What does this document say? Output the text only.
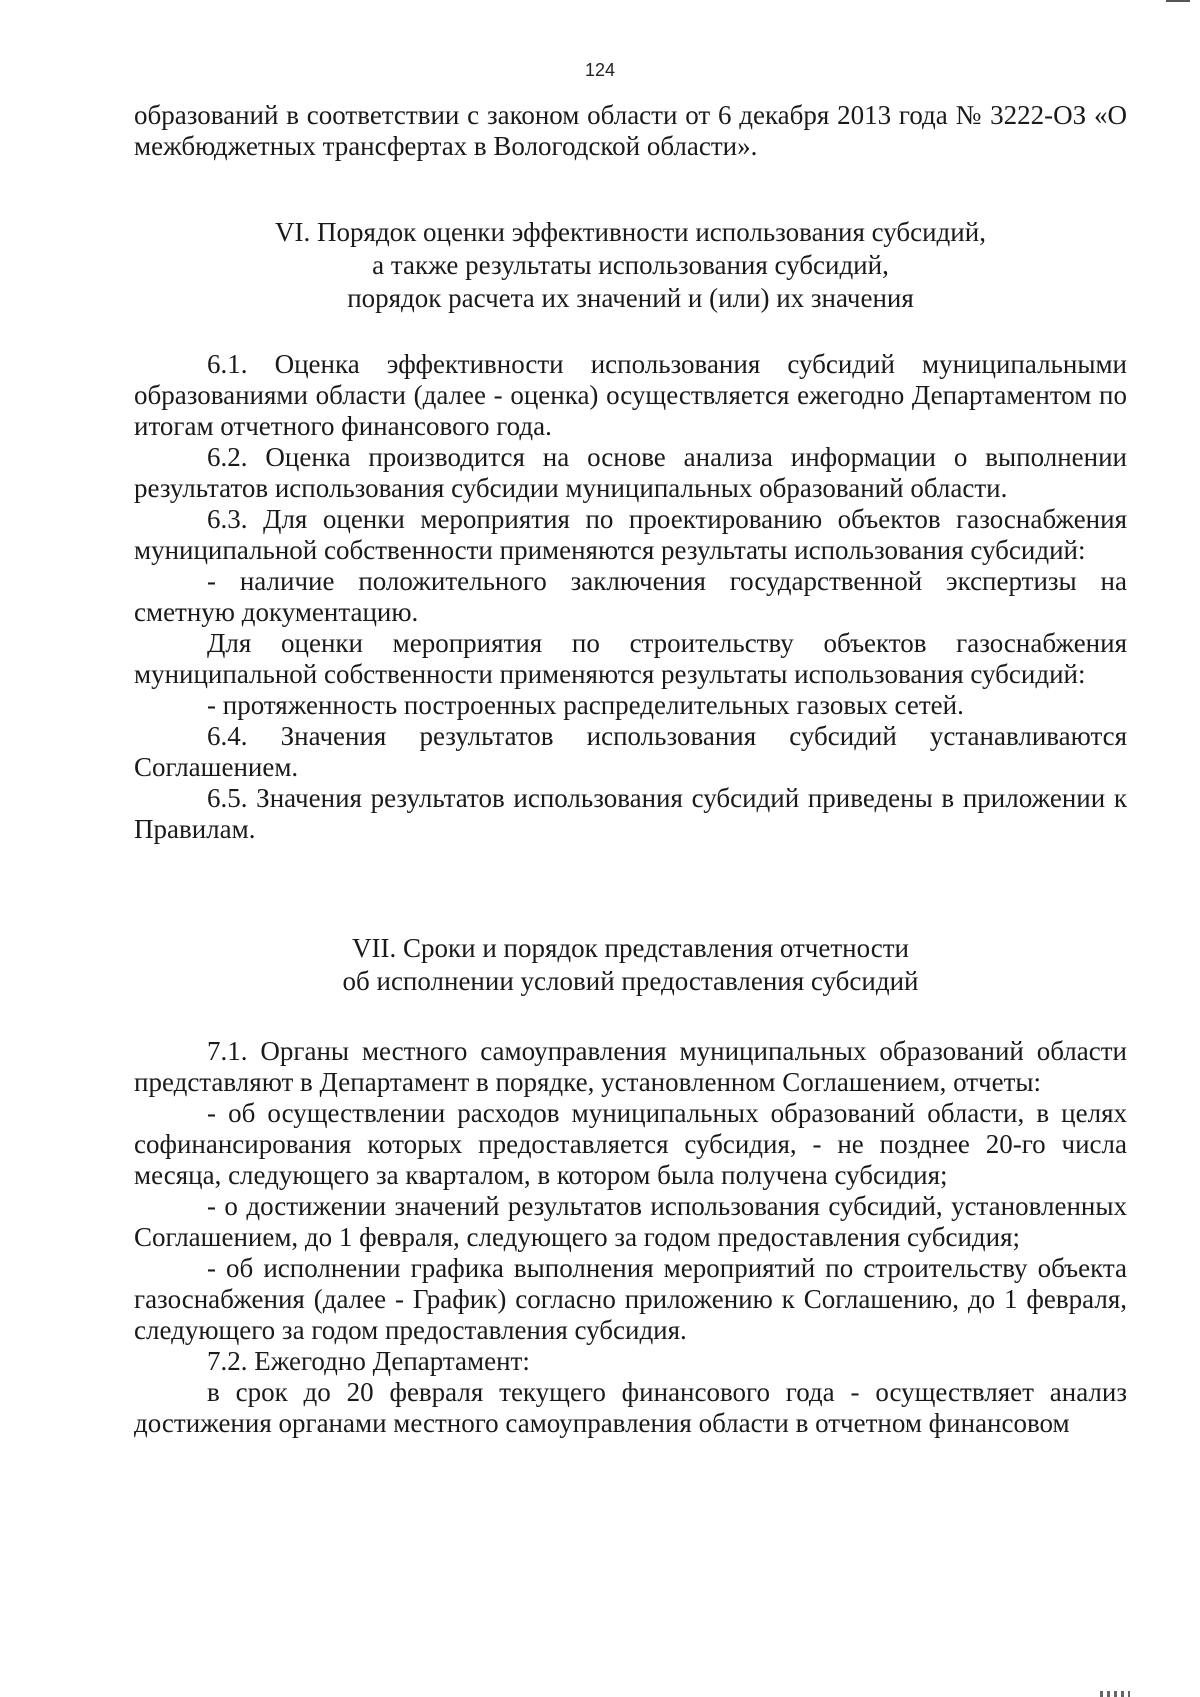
124

образований в соответствии с законом области от 6 декабря 2013 года № 3222-ОЗ «О межбюджетных трансфертах в Вологодской области».

VI. Порядок оценки эффективности использования субсидий,
а также результаты использования субсидий,
порядок расчета их значений и (или) их значения

6.1. Оценка эффективности использования субсидий муниципальными образованиями области (далее - оценка) осуществляется ежегодно Департаментом по итогам отчетного финансового года.

6.2. Оценка производится на основе анализа информации о выполнении результатов использования субсидии муниципальных образований области.

6.3. Для оценки мероприятия по проектированию объектов газоснабжения муниципальной собственности применяются результаты использования субсидий:

- наличие положительного заключения государственной экспертизы на сметную документацию.

Для оценки мероприятия по строительству объектов газоснабжения муниципальной собственности применяются результаты использования субсидий:

- протяженность построенных распределительных газовых сетей.

6.4. Значения результатов использования субсидий устанавливаются Соглашением.

6.5. Значения результатов использования субсидий приведены в приложении к Правилам.

VII. Сроки и порядок представления отчетности
об исполнении условий предоставления субсидий

7.1. Органы местного самоуправления муниципальных образований области представляют в Департамент в порядке, установленном Соглашением, отчеты:

- об осуществлении расходов муниципальных образований области, в целях софинансирования которых предоставляется субсидия, - не позднее 20-го числа месяца, следующего за кварталом, в котором была получена субсидия;

- о достижении значений результатов использования субсидий, установленных Соглашением, до 1 февраля, следующего за годом предоставления субсидия;

- об исполнении графика выполнения мероприятий по строительству объекта газоснабжения (далее - График) согласно приложению к Соглашению, до 1 февраля, следующего за годом предоставления субсидия.

7.2. Ежегодно Департамент:

в срок до 20 февраля текущего финансового года - осуществляет анализ достижения органами местного самоуправления области в отчетном финансовом
